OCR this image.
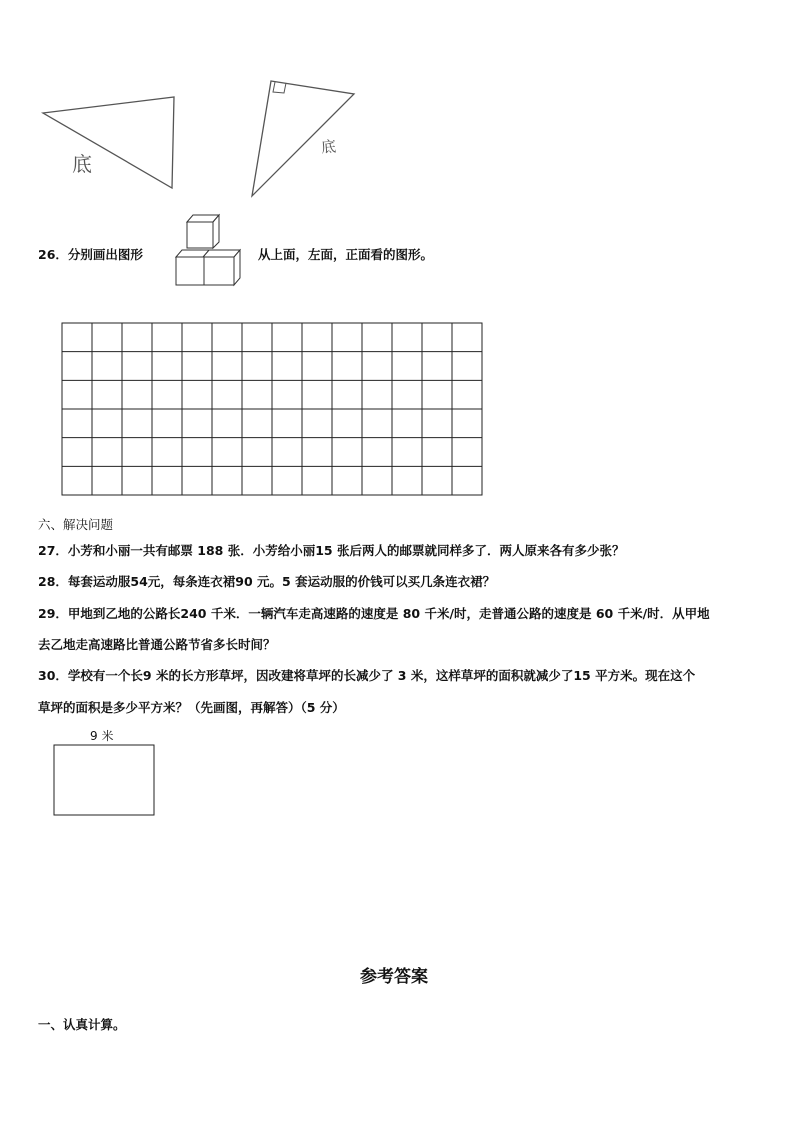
底
底
26．分别画出图形	从上面，左面，正面看的图形。
六、解决问题
27．小芳和小丽一共有邮票 188 张．小芳给小丽15 张后两人的邮票就同样多了．两人原来各有多少张？
28．每套运动服54元，每条连衣裙90 元。5 套运动服的价钱可以买几条连衣裙？
29．甲地到乙地的公路长240 千米．一辆汽车走高速路的速度是 80 千米/时，走普通公路的速度是 60 千米/时．从甲地
去乙地走高速路比普通公路节省多长时间？
30．学校有一个长9 米的长方形草坪，因改建将草坪的长减少了 3 米，这样草坪的面积就减少了15 平方米。现在这个
草坪的面积是多少平方米？（先画图，再解答）（5 分）
9 米
参考答案
一、认真计算。
